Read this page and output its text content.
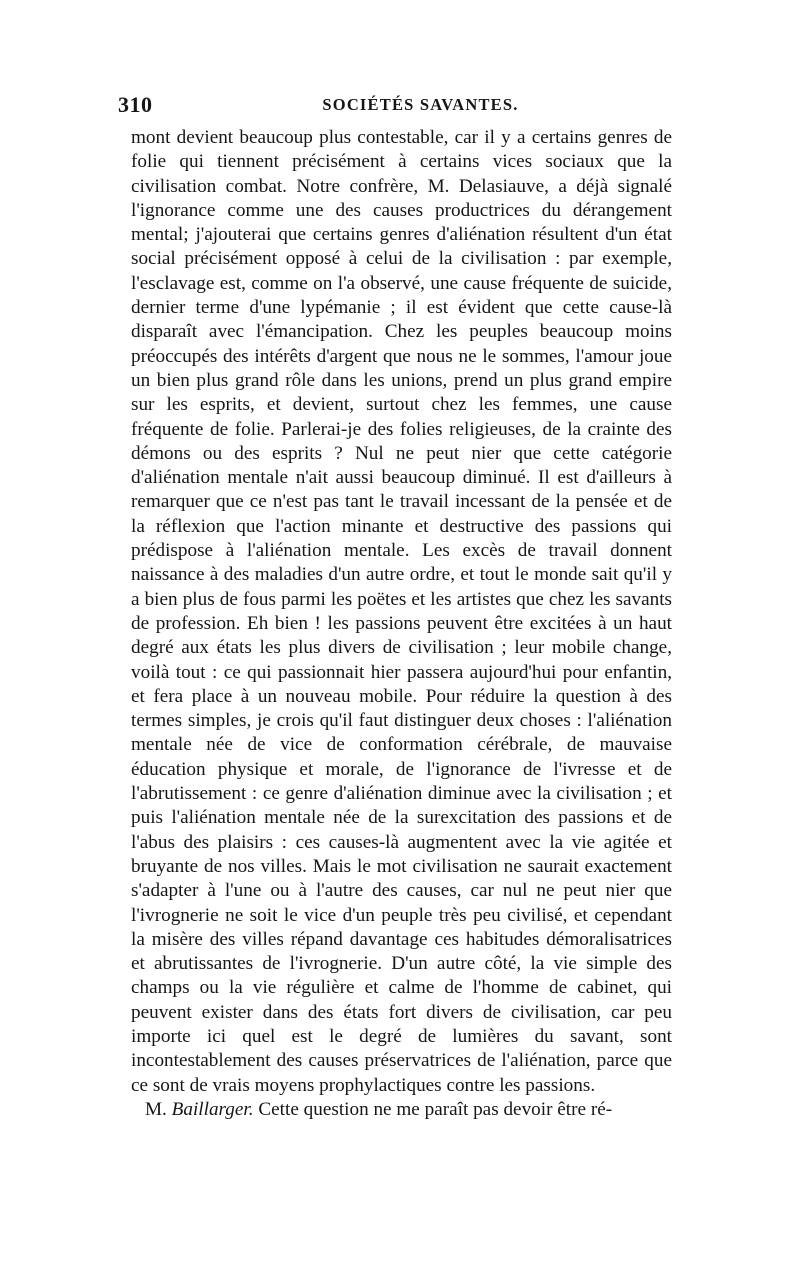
310	SOCIÉTÉS SAVANTES.

mont devient beaucoup plus contestable, car il y a certains genres de folie qui tiennent précisément à certains vices sociaux que la civilisation combat. Notre confrère, M. Delasiauve, a déjà signalé l'ignorance comme une des causes productrices du dérangement mental; j'ajouterai que certains genres d'aliénation résultent d'un état social précisément opposé à celui de la civilisation : par exemple, l'esclavage est, comme on l'a observé, une cause fréquente de suicide, dernier terme d'une lypémanie ; il est évident que cette cause-là disparaît avec l'émancipation. Chez les peuples beaucoup moins préoccupés des intérêts d'argent que nous ne le sommes, l'amour joue un bien plus grand rôle dans les unions, prend un plus grand empire sur les esprits, et devient, surtout chez les femmes, une cause fréquente de folie. Parlerai-je des folies religieuses, de la crainte des démons ou des esprits ? Nul ne peut nier que cette catégorie d'aliénation mentale n'ait aussi beaucoup diminué. Il est d'ailleurs à remarquer que ce n'est pas tant le travail incessant de la pensée et de la réflexion que l'action minante et destructive des passions qui prédispose à l'aliénation mentale. Les excès de travail donnent naissance à des maladies d'un autre ordre, et tout le monde sait qu'il y a bien plus de fous parmi les poëtes et les artistes que chez les savants de profession. Eh bien ! les passions peuvent être excitées à un haut degré aux états les plus divers de civilisation ; leur mobile change, voilà tout : ce qui passionnait hier passera aujourd'hui pour enfantin, et fera place à un nouveau mobile. Pour réduire la question à des termes simples, je crois qu'il faut distinguer deux choses : l'aliénation mentale née de vice de conformation cérébrale, de mauvaise éducation physique et morale, de l'ignorance de l'ivresse et de l'abrutissement : ce genre d'aliénation diminue avec la civilisation ; et puis l'aliénation mentale née de la surexcitation des passions et de l'abus des plaisirs : ces causes-là augmentent avec la vie agitée et bruyante de nos villes. Mais le mot civilisation ne saurait exactement s'adapter à l'une ou à l'autre des causes, car nul ne peut nier que l'ivrognerie ne soit le vice d'un peuple très peu civilisé, et cependant la misère des villes répand davantage ces habitudes démoralisatrices et abrutissantes de l'ivrognerie. D'un autre côté, la vie simple des champs ou la vie régulière et calme de l'homme de cabinet, qui peuvent exister dans des états fort divers de civilisation, car peu importe ici quel est le degré de lumières du savant, sont incontestablement des causes préservatrices de l'aliénation, parce que ce sont de vrais moyens prophylactiques contre les passions.

M. Baillarger. Cette question ne me paraît pas devoir être ré-
